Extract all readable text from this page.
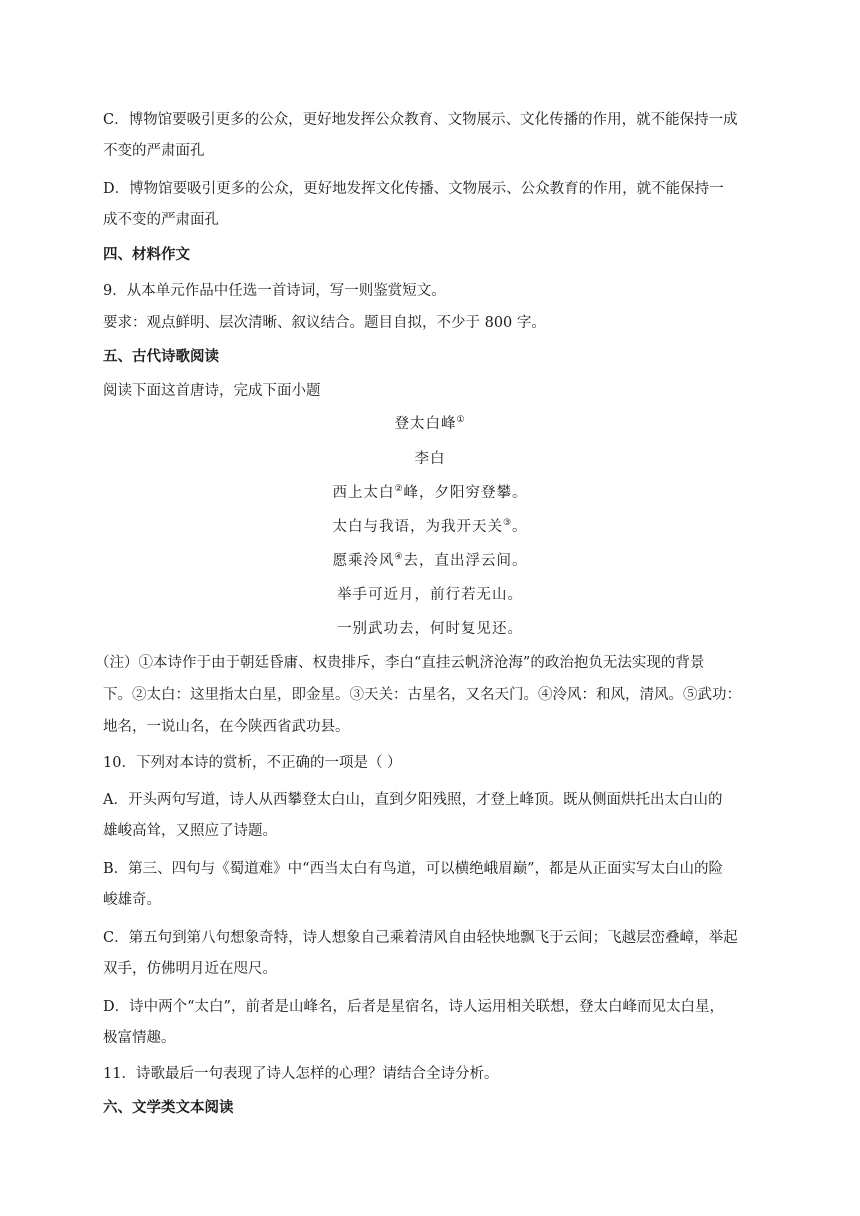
C．博物馆要吸引更多的公众，更好地发挥公众教育、文物展示、文化传播的作用，就不能保持一成
不变的严肃面孔
D．博物馆要吸引更多的公众，更好地发挥文化传播、文物展示、公众教育的作用，就不能保持一
成不变的严肃面孔
四、材料作文
9．从本单元作品中任选一首诗词，写一则鉴赏短文。
要求：观点鲜明、层次清晰、叙议结合。题目自拟，不少于 800 字。
五、古代诗歌阅读
阅读下面这首唐诗，完成下面小题
登太白峰①
李白
西上太白②峰，夕阳穷登攀。
太白与我语，为我开天关③。
愿乘泠风④去，直出浮云间。
举手可近月，前行若无山。
一别武功去，何时复见还。
（注）①本诗作于由于朝廷昏庸、权贵排斥，李白“直挂云帆济沧海”的政治抱负无法实现的背景
下。②太白：这里指太白星，即金星。③天关：古星名，又名天门。④泠风：和风，清风。⑤武功：
地名，一说山名，在今陕西省武功县。
10．下列对本诗的赏析，不正确的一项是（ ）
A．开头两句写道，诗人从西攀登太白山，直到夕阳残照，才登上峰顶。既从侧面烘托出太白山的
雄峻高耸，又照应了诗题。
B．第三、四句与《蜀道难》中“西当太白有鸟道，可以横绝峨眉巅”，都是从正面实写太白山的险
峻雄奇。
C．第五句到第八句想象奇特，诗人想象自己乘着清风自由轻快地飘飞于云间；飞越层峦叠嶂，举起
双手，仿佛明月近在咫尺。
D．诗中两个“太白”，前者是山峰名，后者是星宿名，诗人运用相关联想，登太白峰而见太白星，
极富情趣。
11．诗歌最后一句表现了诗人怎样的心理？请结合全诗分析。
六、文学类文本阅读
